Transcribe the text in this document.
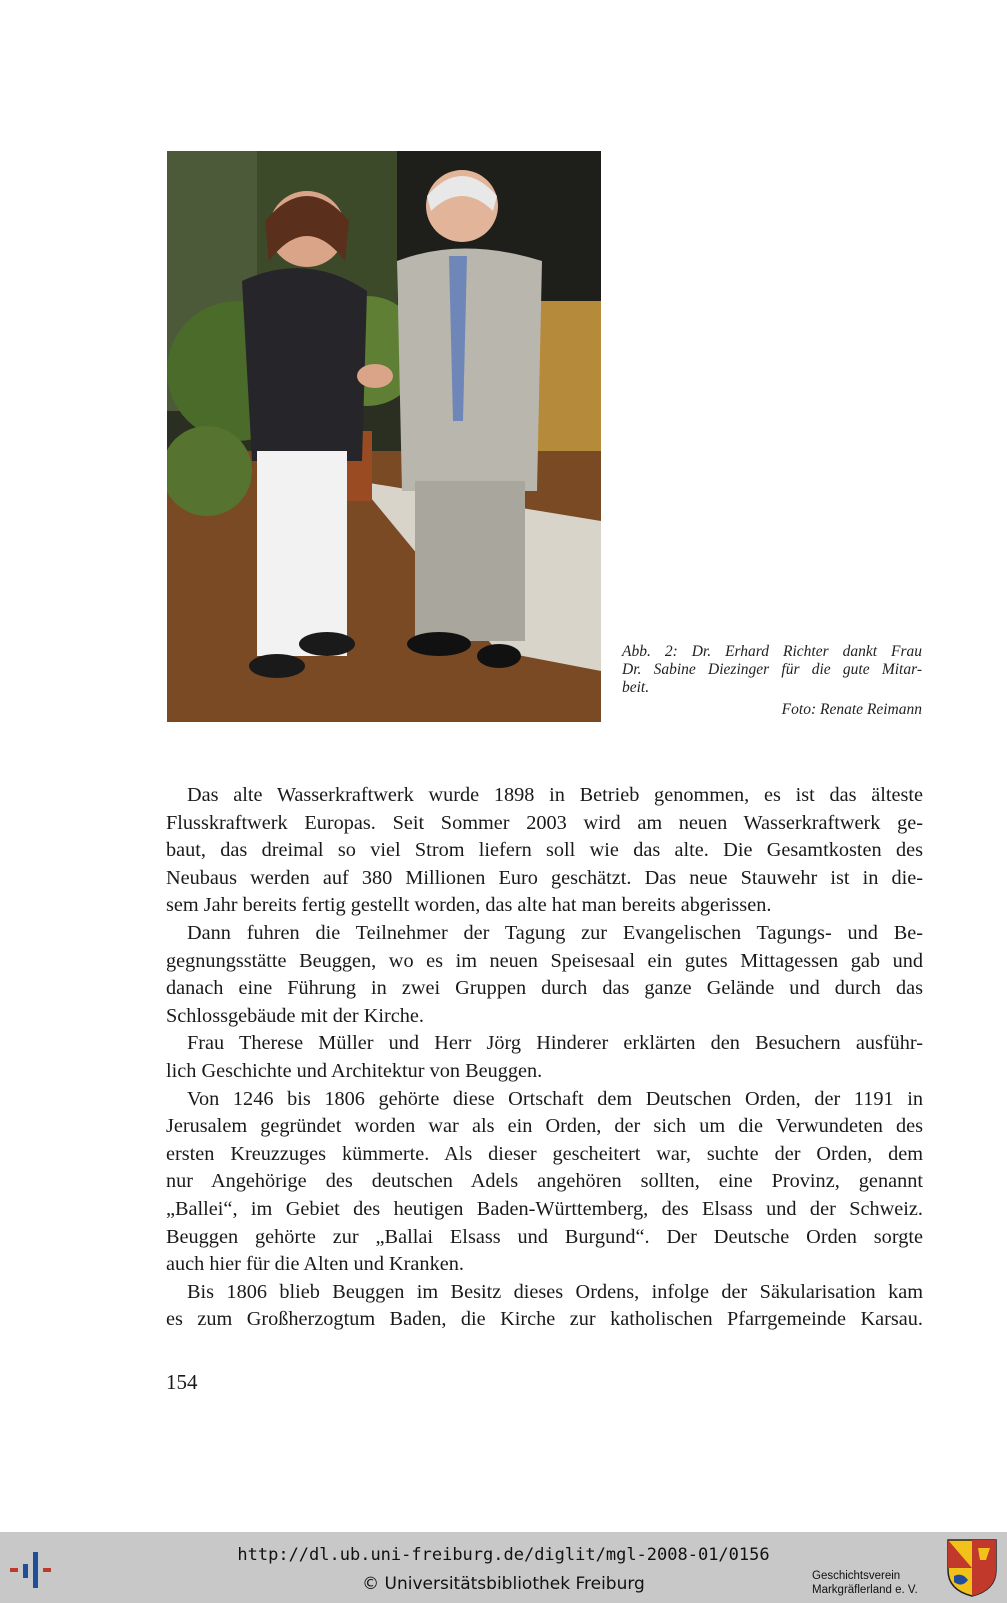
Abb. 2: Dr. Erhard Richter dankt Frau
Dr. Sabine Diezinger für die gute Mitar-
beit.
Foto: Renate Reimann

Das alte Wasserkraftwerk wurde 1898 in Betrieb genommen, es ist das älteste
Flusskraftwerk Europas. Seit Sommer 2003 wird am neuen Wasserkraftwerk ge-
baut, das dreimal so viel Strom liefern soll wie das alte. Die Gesamtkosten des
Neubaus werden auf 380 Millionen Euro geschätzt. Das neue Stauwehr ist in die-
sem Jahr bereits fertig gestellt worden, das alte hat man bereits abgerissen.

Dann fuhren die Teilnehmer der Tagung zur Evangelischen Tagungs- und Be-
gegnungsstätte Beuggen, wo es im neuen Speisesaal ein gutes Mittagessen gab und
danach eine Führung in zwei Gruppen durch das ganze Gelände und durch das
Schlossgebäude mit der Kirche.

Frau Therese Müller und Herr Jörg Hinderer erklärten den Besuchern ausführ-
lich Geschichte und Architektur von Beuggen.

Von 1246 bis 1806 gehörte diese Ortschaft dem Deutschen Orden, der 1191 in
Jerusalem gegründet worden war als ein Orden, der sich um die Verwundeten des
ersten Kreuzzuges kümmerte. Als dieser gescheitert war, suchte der Orden, dem
nur Angehörige des deutschen Adels angehören sollten, eine Provinz, genannt
„Ballei“, im Gebiet des heutigen Baden-Württemberg, des Elsass und der Schweiz.
Beuggen gehörte zur „Ballai Elsass und Burgund“. Der Deutsche Orden sorgte
auch hier für die Alten und Kranken.

Bis 1806 blieb Beuggen im Besitz dieses Ordens, infolge der Säkularisation kam
es zum Großherzogtum Baden, die Kirche zur katholischen Pfarrgemeinde Karsau.

154
http://dl.ub.uni-freiburg.de/diglit/mgl-2008-01/0156
© Universitätsbibliothek Freiburg	Geschichtsverein
Markgräflerland e. V.
